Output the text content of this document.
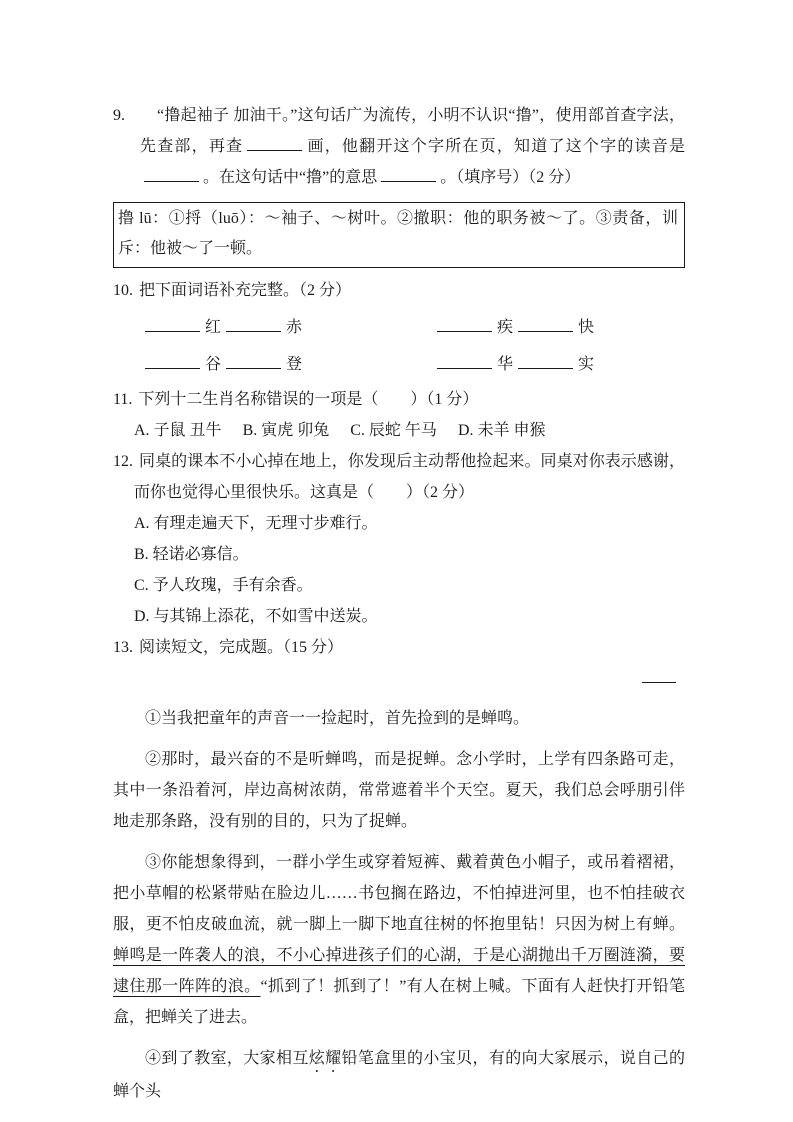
9. “撸起袖子 加油干。”这句话广为流传，小明不认识“撸”，使用部首查字法，先查部，再查	画，他翻开这个字所在页，知道了这个字的读音是。在这句话中“撸”的意思	。（填序号）（2 分）
撸 lū：①捋（luō）：～袖子、～树叶。②撤职：他的职务被～了。③责备，训斥：他被～了一顿。
10. 把下面词语补充完整。（2 分）
红	赤	疾	快
谷	登	华	实
11. 下列十二生肖名称错误的一项是（　　）（1 分）
A. 子鼠 丑牛 B. 寅虎 卯兔 C. 辰蛇 午马 D. 未羊 申猴
12. 同桌的课本不小心掉在地上，你发现后主动帮他捡起来。同桌对你表示感谢，而你也觉得心里很快乐。这真是（　　）（2 分）
A. 有理走遍天下，无理寸步难行。
B. 轻诺必寡信。
C. 予人玫瑰，手有余香。
D. 与其锦上添花，不如雪中送炭。
13. 阅读短文，完成题。（15 分）

①当我把童年的声音一一捡起时，首先捡到的是蝉鸣。

②那时，最兴奋的不是听蝉鸣，而是捉蝉。念小学时，上学有四条路可走，其中一条沿着河，岸边高树浓荫，常常遮着半个天空。夏天，我们总会呼朋引伴地走那条路，没有别的目的，只为了捉蝉。

③你能想象得到，一群小学生或穿着短裤、戴着黄色小帽子，或吊着褶裙，把小草帽的松紧带贴在脸边儿……书包搁在路边，不怕掉进河里，也不怕挂破衣服，更不怕皮破血流，就一脚上一脚下地直往树的怀抱里钻！只因为树上有蝉。蝉鸣是一阵袭人的浪，不小心掉进孩子们的心湖，于是心湖抛出千万圈涟漪，要逮住那一阵阵的浪。“抓到了！抓到了！”有人在树上喊。下面有人赶快打开铅笔盒，把蝉关了进去。

④到了教室，大家相互炫耀铅笔盒里的小宝贝，有的向大家展示，说自己的蝉个头
